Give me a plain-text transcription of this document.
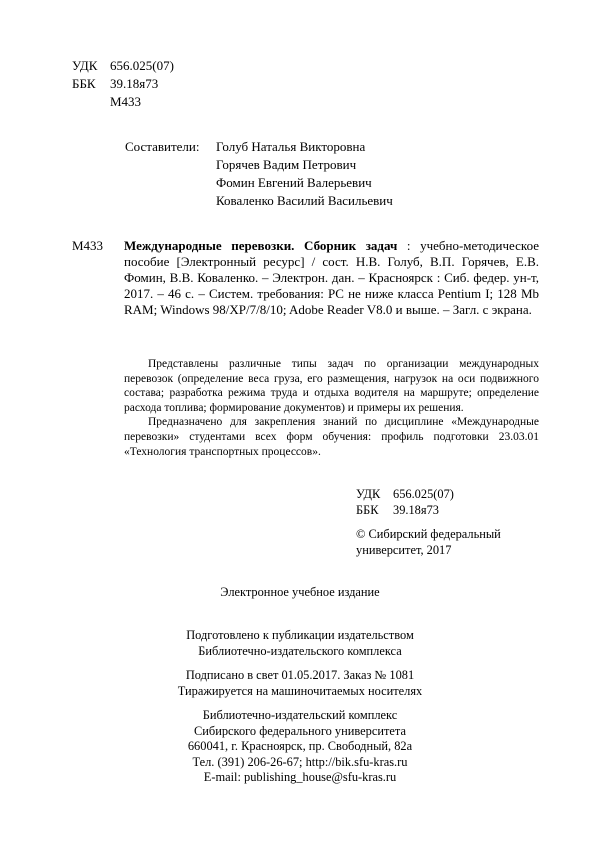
УДК 656.025(07)
ББК 39.18я73
М433
Составители: Голуб Наталья Викторовна
Горячев Вадим Петрович
Фомин Евгений Валерьевич
Коваленко Василий Васильевич
М433 Международные перевозки. Сборник задач : учебно-методическое пособие [Электронный ресурс] / сост. Н.В. Голуб, В.П. Горячев, Е.В. Фомин, В.В. Коваленко. – Электрон. дан. – Красноярск : Сиб. федер. ун-т, 2017. – 46 с. – Систем. требования: PC не ниже класса Pentium I; 128 Mb RAM; Windows 98/XP/7/8/10; Adobe Reader V8.0 и выше. – Загл. с экрана.

Представлены различные типы задач по организации международных перевозок (определение веса груза, его размещения, нагрузок на оси подвижного состава; разработка режима труда и отдыха водителя на маршруте; определение расхода топлива; формирование документов) и примеры их решения.

Предназначено для закрепления знаний по дисциплине «Международные перевозки» студентами всех форм обучения: профиль подготовки 23.03.01 «Технология транспортных процессов».

УДК 656.025(07)
ББК 39.18я73
© Сибирский федеральный
университет, 2017
Электронное учебное издание
Подготовлено к публикации издательством
Библиотечно-издательского комплекса
Подписано в свет 01.05.2017. Заказ № 1081
Тиражируется на машиночитаемых носителях
Библиотечно-издательский комплекс
Сибирского федерального университета
660041, г. Красноярск, пр. Свободный, 82а
Тел. (391) 206-26-67; http://bik.sfu-kras.ru
E-mail: publishing_house@sfu-kras.ru
